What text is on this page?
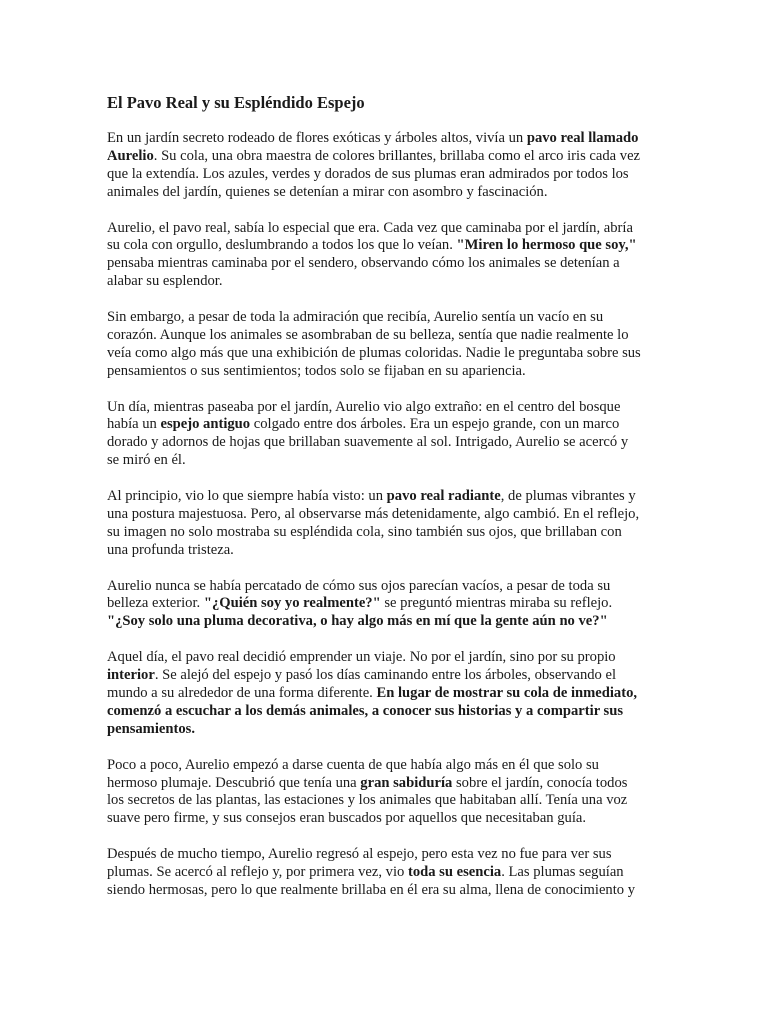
El Pavo Real y su Espléndido Espejo
En un jardín secreto rodeado de flores exóticas y árboles altos, vivía un pavo real llamado
Aurelio. Su cola, una obra maestra de colores brillantes, brillaba como el arco iris cada vez
que la extendía. Los azules, verdes y dorados de sus plumas eran admirados por todos los
animales del jardín, quienes se detenían a mirar con asombro y fascinación.
Aurelio, el pavo real, sabía lo especial que era. Cada vez que caminaba por el jardín, abría
su cola con orgullo, deslumbrando a todos los que lo veían. "Miren lo hermoso que soy,"
pensaba mientras caminaba por el sendero, observando cómo los animales se detenían a
alabar su esplendor.
Sin embargo, a pesar de toda la admiración que recibía, Aurelio sentía un vacío en su
corazón. Aunque los animales se asombraban de su belleza, sentía que nadie realmente lo
veía como algo más que una exhibición de plumas coloridas. Nadie le preguntaba sobre sus
pensamientos o sus sentimientos; todos solo se fijaban en su apariencia.
Un día, mientras paseaba por el jardín, Aurelio vio algo extraño: en el centro del bosque
había un espejo antiguo colgado entre dos árboles. Era un espejo grande, con un marco
dorado y adornos de hojas que brillaban suavemente al sol. Intrigado, Aurelio se acercó y
se miró en él.
Al principio, vio lo que siempre había visto: un pavo real radiante, de plumas vibrantes y
una postura majestuosa. Pero, al observarse más detenidamente, algo cambió. En el reflejo,
su imagen no solo mostraba su espléndida cola, sino también sus ojos, que brillaban con
una profunda tristeza.
Aurelio nunca se había percatado de cómo sus ojos parecían vacíos, a pesar de toda su
belleza exterior. "¿Quién soy yo realmente?" se preguntó mientras miraba su reflejo.
"¿Soy solo una pluma decorativa, o hay algo más en mí que la gente aún no ve?"
Aquel día, el pavo real decidió emprender un viaje. No por el jardín, sino por su propio
interior. Se alejó del espejo y pasó los días caminando entre los árboles, observando el
mundo a su alrededor de una forma diferente. En lugar de mostrar su cola de inmediato,
comenzó a escuchar a los demás animales, a conocer sus historias y a compartir sus
pensamientos.
Poco a poco, Aurelio empezó a darse cuenta de que había algo más en él que solo su
hermoso plumaje. Descubrió que tenía una gran sabiduría sobre el jardín, conocía todos
los secretos de las plantas, las estaciones y los animales que habitaban allí. Tenía una voz
suave pero firme, y sus consejos eran buscados por aquellos que necesitaban guía.
Después de mucho tiempo, Aurelio regresó al espejo, pero esta vez no fue para ver sus
plumas. Se acercó al reflejo y, por primera vez, vio toda su esencia. Las plumas seguían
siendo hermosas, pero lo que realmente brillaba en él era su alma, llena de conocimiento y
